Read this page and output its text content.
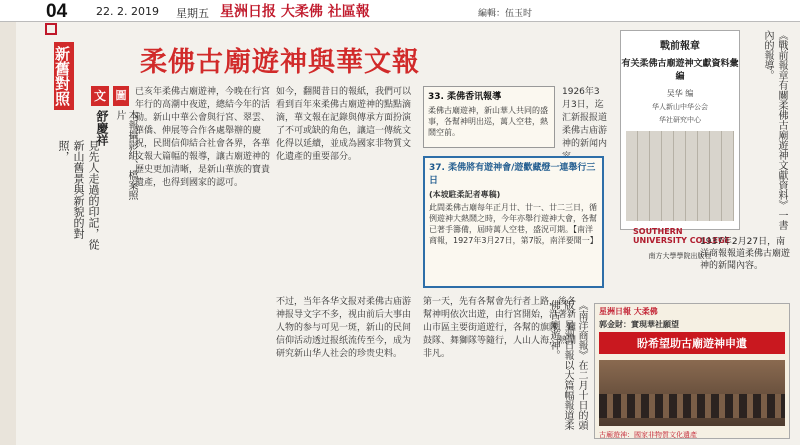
04	22. 2. 2019 星期五 星洲日报 大柔佛 社區報	編輯：伍玉时
新舊對照
見先人走過的印記，從新山舊景與新貌的對照，
文 圖
舒慶祥	本報攝影組、檔案照片
柔佛古廟遊神與華文報
已亥年柔佛古廟遊神，今晚在行宮年行的高潮中夜遊，總結今年的活動。新山中華公會與行宮、翠雲、華僑、伸展等合作各處舉辦的慶祝，民間信仰結合社會各界，各華文報大篇幅的報導，讓古廟遊神的歷史更加清晰，是新山華族的寶貴遺產，也得到國家的認可。
如今，翻閱昔日的報紙，我們可以看到百年來柔佛古廟遊神的點點滴滴，華文報在記錄與傳承方面扮演了不可或缺的角色，讓這一傳統文化得以延續，並成為國家非物質文化遺產的重要部分。
33. 柔佛香讯報導
柔佛古廟遊神，新山華人共同的盛事，各幫神明出巡，萬人空巷，熱鬧空前。
1926年3月3日，迄汇新报报道柔佛古庙游神的新闻内
37. 柔佛將有遊神會/遊歡藏燈一連舉行三日
(本坡駐柔記者專稿)
此間柔佛古廟每年正月廿、廿一、廿二三日，循例遊神大熱鬧之時，今年亦舉行遊神大會，各幫已著手籌備，屆時萬人空巷，盛況可期。【南洋商報，1927年3月27日，第7版，南洋要聞一】
第一天，先有各幫會先行者上路，後各幫神明依次出遊，由行宮開始，沿著新山市區主要街道遊行，各幫的旗隊、鑼鼓隊、舞獅隊等隨行，人山人海，熱鬧非凡。
不过，当年各华文报对柔佛古庙游神报导文字不多，视由前后大事由人物的参与可见一斑，新山的民间信仰活动透过报纸流传至今，成为研究新山华人社会的珍贵史料。
戰前報章
有关柔佛古廟遊神文獻資料彙編
吴华 编
华人新山中华公会
华社研究中心
SOUTHERN UNIVERSITY COLLEGE
南方大學學院出版社
《戰前報章有關柔佛古廟遊神文獻資料》一書內的報導。
1937年2月27日，南洋商報報道柔佛古廟遊神的新聞內容。
《南洋商報》在二月十日的頭版，星洲日報以大篇幅報道柔佛古廟遊神。	星洲日報 大柔佛
郭金財：實現華社願望
盼希望助古廟遊神申遺
古廟遊神：國家非物質文化遺產
